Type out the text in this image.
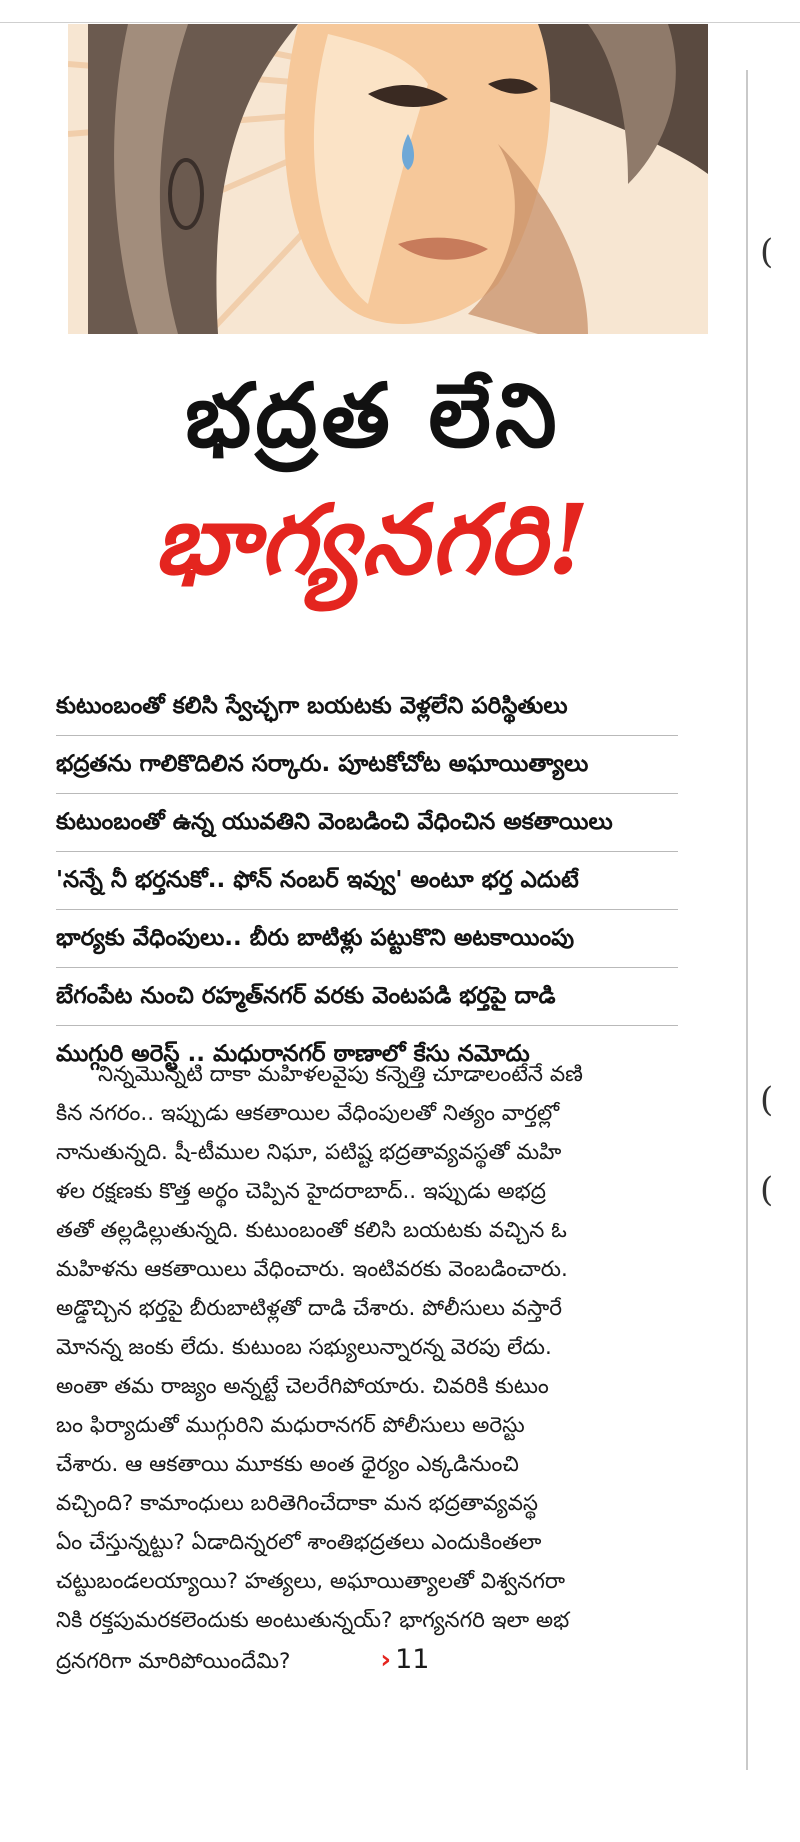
భద్రత లేని
భాగ్యనగరి!
కుటుంబంతో కలిసి స్వేచ్ఛగా బయటకు వెళ్లలేని పరిస్థితులు
భద్రతను గాలికొదిలిన సర్కారు. పూటకోచోట అఘాయిత్యాలు
కుటుంబంతో ఉన్న యువతిని వెంబడించి వేధించిన అకతాయిలు
'నన్నే నీ భర్తనుకో.. ఫోన్ నంబర్ ఇవ్వు' అంటూ భర్త ఎదుటే
భార్యకు వేధింపులు.. బీరు బాటిళ్లు పట్టుకొని అటకాయింపు
బేగంపేట నుంచి రహ్మత్‌నగర్ వరకు వెంటపడి భర్తపై దాడి
ముగ్గురి అరెస్ట్ .. మధురానగర్ ఠాణాలో కేసు నమోదు
నిన్నమొన్నటి దాకా మహిళలవైపు కన్నెత్తి చూడాలంటేనే వణి
కిన నగరం.. ఇప్పుడు ఆకతాయిల వేధింపులతో నిత్యం వార్తల్లో
నానుతున్నది. షీ-టీముల నిఘా, పటిష్ట భద్రతావ్యవస్థతో మహి
ళల రక్షణకు కొత్త అర్థం చెప్పిన హైదరాబాద్.. ఇప్పుడు అభద్ర
తతో తల్లడిల్లుతున్నది. కుటుంబంతో కలిసి బయటకు వచ్చిన ఓ
మహిళను ఆకతాయిలు వేధించారు. ఇంటివరకు వెంబడించారు.
అడ్డొచ్చిన భర్తపై బీరుబాటిళ్లతో దాడి చేశారు. పోలీసులు వస్తారే
మోనన్న జంకు లేదు. కుటుంబ సభ్యులున్నారన్న వెరపు లేదు.
అంతా తమ రాజ్యం అన్నట్టే చెలరేగిపోయారు. చివరికి కుటుం
బం ఫిర్యాదుతో ముగ్గురిని మధురానగర్ పోలీసులు అరెస్టు
చేశారు. ఆ ఆకతాయి మూకకు అంత ధైర్యం ఎక్కడినుంచి
వచ్చింది? కామాంధులు బరితెగించేదాకా మన భద్రతావ్యవస్థ
ఏం చేస్తున్నట్టు? ఏడాదిన్నరలో శాంతిభద్రతలు ఎందుకింతలా
చట్టుబండలయ్యాయి? హత్యలు, అఘాయిత్యాలతో విశ్వనగరా
నికి రక్తపుమరకలెందుకు అంటుతున్నయ్? భాగ్యనగరి ఇలా అభ
ద్రనగరిగా మారిపోయిందేమి?	› 11
(
(
(
